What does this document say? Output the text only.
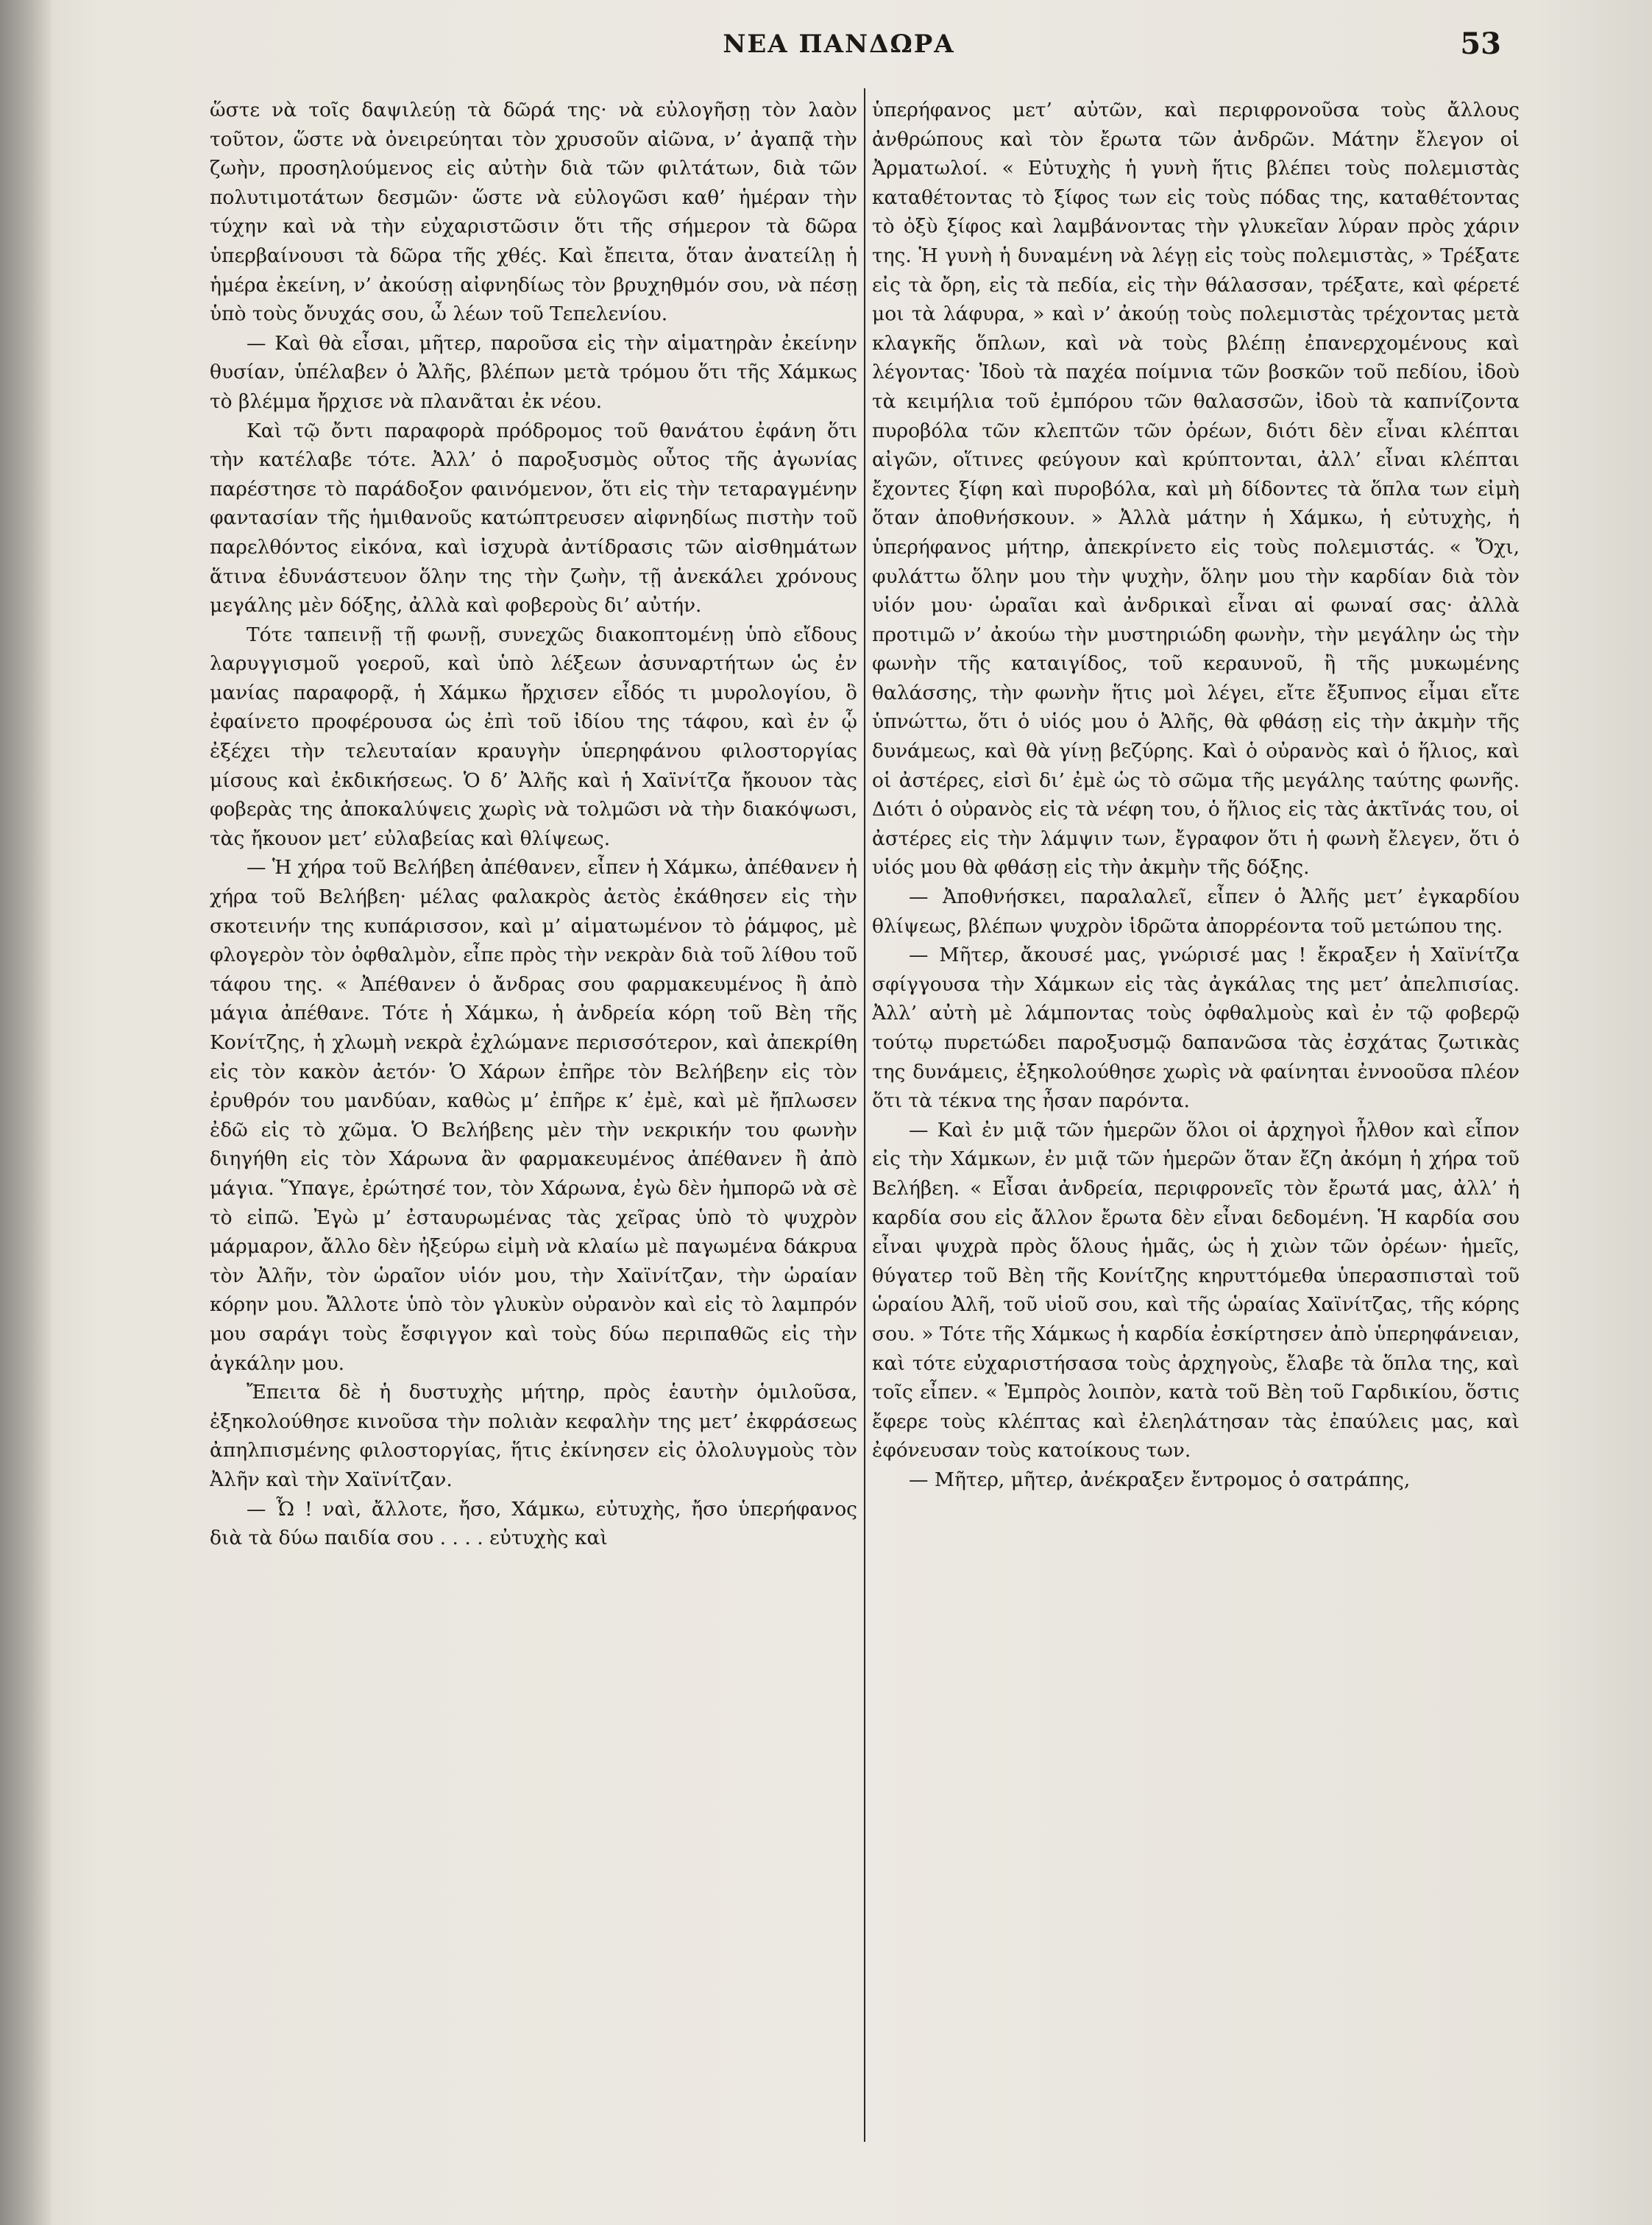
ΝΕΑ ΠΑΝΔΩΡΑ	53

ὥστε νὰ τοῖς δαψιλεύῃ τὰ δῶρά της· νὰ εὐλογῆσῃ τὸν λαὸν τοῦτον, ὥστε νὰ ὀνειρεύηται τὸν χρυσοῦν αἰῶνα, ν’ ἀγαπᾷ τὴν ζωὴν, προσηλούμενος εἰς αὐτὴν διὰ τῶν φιλτάτων, διὰ τῶν πολυτιμοτάτων δεσμῶν· ὥστε νὰ εὐλογῶσι καθ’ ἡμέραν τὴν τύχην καὶ νὰ τὴν εὐχαριστῶσιν ὅτι τῆς σήμερον τὰ δῶρα ὑπερβαίνουσι τὰ δῶρα τῆς χθές. Καὶ ἔπειτα, ὅταν ἀνατείλῃ ἡ ἡμέρα ἐκείνη, ν’ ἀκούσῃ αἰφνηδίως τὸν βρυχηθμόν σου, νὰ πέσῃ ὑπὸ τοὺς ὄνυχάς σου, ὦ λέων τοῦ Τεπελενίου.

— Καὶ θὰ εἶσαι, μῆτερ, παροῦσα εἰς τὴν αἱματηρὰν ἐκείνην θυσίαν, ὑπέλαβεν ὁ Ἀλῆς, βλέπων μετὰ τρόμου ὅτι τῆς Χάμκως τὸ βλέμμα ἤρχισε νὰ πλανᾶται ἐκ νέου.

Καὶ τῷ ὄντι παραφορὰ πρόδρομος τοῦ θανάτου ἐφάνη ὅτι τὴν κατέλαβε τότε. Ἀλλ’ ὁ παροξυσμὸς οὗτος τῆς ἀγωνίας παρέστησε τὸ παράδοξον φαινόμενον, ὅτι εἰς τὴν τεταραγμένην φαντασίαν τῆς ἡμιθανοῦς κατώπτρευσεν αἰφνηδίως πιστὴν τοῦ παρελθόντος εἰκόνα, καὶ ἰσχυρὰ ἀντίδρασις τῶν αἰσθημάτων ἅτινα ἐδυνάστευον ὅλην της τὴν ζωὴν, τῇ ἀνεκάλει χρόνους μεγάλης μὲν δόξης, ἀλλὰ καὶ φοβεροὺς δι’ αὐτήν.

Τότε ταπεινῇ τῇ φωνῇ, συνεχῶς διακοπτομένῃ ὑπὸ εἴδους λαρυγγισμοῦ γοεροῦ, καὶ ὑπὸ λέξεων ἀσυναρτήτων ὡς ἐν μανίας παραφορᾷ, ἡ Χάμκω ἤρχισεν εἶδός τι μυρολογίου, ὃ ἐφαίνετο προφέρουσα ὡς ἐπὶ τοῦ ἰδίου της τάφου, καὶ ἐν ᾧ ἐξέχει τὴν τελευταίαν κραυγὴν ὑπερηφάνου φιλοστοργίας μίσους καὶ ἐκδικήσεως. Ὁ δ’ Ἀλῆς καὶ ἡ Χαϊνίτζα ἤκουον τὰς φοβερὰς της ἀποκαλύψεις χωρὶς νὰ τολμῶσι νὰ τὴν διακόψωσι, τὰς ἤκουον μετ’ εὐλαβείας καὶ θλίψεως.

— Ἡ χήρα τοῦ Βελήβεη ἀπέθανεν, εἶπεν ἡ Χάμκω, ἀπέθανεν ἡ χήρα τοῦ Βελήβεη· μέλας φαλακρὸς ἀετὸς ἐκάθησεν εἰς τὴν σκοτεινήν της κυπάρισσον, καὶ μ’ αἱματωμένον τὸ ῥάμφος, μὲ φλογερὸν τὸν ὀφθαλμὸν, εἶπε πρὸς τὴν νεκρὰν διὰ τοῦ λίθου τοῦ τάφου της. « Ἀπέθανεν ὁ ἄνδρας σου φαρμακευμένος ἢ ἀπὸ μάγια ἀπέθανε. Τότε ἡ Χάμκω, ἡ ἀνδρεία κόρη τοῦ Βὲη τῆς Κονίτζης, ἡ χλωμὴ νεκρὰ ἐχλώμανε περισσότερον, καὶ ἀπεκρίθη εἰς τὸν κακὸν ἀετόν· Ὁ Χάρων ἐπῆρε τὸν Βελήβεην εἰς τὸν ἐρυθρόν του μανδύαν, καθὼς μ’ ἐπῆρε κ’ ἐμὲ, καὶ μὲ ἤπλωσεν ἐδῶ εἰς τὸ χῶμα. Ὁ Βελήβεης μὲν τὴν νεκρικήν του φωνὴν διηγήθη εἰς τὸν Χάρωνα ἂν φαρμακευμένος ἀπέθανεν ἢ ἀπὸ μάγια. Ὕπαγε, ἐρώτησέ τον, τὸν Χάρωνα, ἐγὼ δὲν ἠμπορῶ νὰ σὲ τὸ εἰπῶ. Ἐγὼ μ’ ἐσταυρωμένας τὰς χεῖρας ὑπὸ τὸ ψυχρὸν μάρμαρον, ἄλλο δὲν ἠξεύρω εἰμὴ νὰ κλαίω μὲ παγωμένα δάκρυα τὸν Ἀλῆν, τὸν ὡραῖον υἱόν μου, τὴν Χαϊνίτζαν, τὴν ὡραίαν κόρην μου. Ἄλλοτε ὑπὸ τὸν γλυκὺν οὐρανὸν καὶ εἰς τὸ λαμπρόν μου σαράγι τοὺς ἔσφιγγον καὶ τοὺς δύω περιπαθῶς εἰς τὴν ἀγκάλην μου.

Ἔπειτα δὲ ἡ δυστυχὴς μήτηρ, πρὸς ἑαυτὴν ὁμιλοῦσα, ἐξηκολούθησε κινοῦσα τὴν πολιὰν κεφαλὴν της μετ’ ἐκφράσεως ἀπηλπισμένης φιλοστοργίας, ἥτις ἐκίνησεν εἰς ὀλολυγμοὺς τὸν Ἀλῆν καὶ τὴν Χαϊνίτζαν.

— Ὦ ! ναὶ, ἄλλοτε, ἤσο, Χάμκω, εὐτυχὴς, ἤσο ὑπερήφανος διὰ τὰ δύω παιδία σου . . . . εὐτυχὴς καὶ

ὑπερήφανος μετ’ αὐτῶν, καὶ περιφρονοῦσα τοὺς ἄλλους ἀνθρώπους καὶ τὸν ἔρωτα τῶν ἀνδρῶν. Μάτην ἔλεγον οἱ Ἀρματωλοί. « Εὐτυχὴς ἡ γυνὴ ἥτις βλέπει τοὺς πολεμιστὰς καταθέτοντας τὸ ξίφος των εἰς τοὺς πόδας της, καταθέτοντας τὸ ὀξὺ ξίφος καὶ λαμβάνοντας τὴν γλυκεῖαν λύραν πρὸς χάριν της. Ἡ γυνὴ ἡ δυναμένη νὰ λέγῃ εἰς τοὺς πολεμιστὰς, » Τρέξατε εἰς τὰ ὄρη, εἰς τὰ πεδία, εἰς τὴν θάλασσαν, τρέξατε, καὶ φέρετέ μοι τὰ λάφυρα, » καὶ ν’ ἀκούῃ τοὺς πολεμιστὰς τρέχοντας μετὰ κλαγκῆς ὅπλων, καὶ νὰ τοὺς βλέπῃ ἐπανερχομένους καὶ λέγοντας· Ἰδοὺ τὰ παχέα ποίμνια τῶν βοσκῶν τοῦ πεδίου, ἰδοὺ τὰ κειμήλια τοῦ ἐμπόρου τῶν θαλασσῶν, ἰδοὺ τὰ καπνίζοντα πυροβόλα τῶν κλεπτῶν τῶν ὀρέων, διότι δὲν εἶναι κλέπται αἰγῶν, οἵτινες φεύγουν καὶ κρύπτονται, ἀλλ’ εἶναι κλέπται ἔχοντες ξίφη καὶ πυροβόλα, καὶ μὴ δίδοντες τὰ ὅπλα των εἰμὴ ὅταν ἀποθνήσκουν. » Ἀλλὰ μάτην ἡ Χάμκω, ἡ εὐτυχὴς, ἡ ὑπερήφανος μήτηρ, ἀπεκρίνετο εἰς τοὺς πολεμιστάς. « Ὄχι, φυλάττω ὅλην μου τὴν ψυχὴν, ὅλην μου τὴν καρδίαν διὰ τὸν υἱόν μου· ὡραῖαι καὶ ἀνδρικαὶ εἶναι αἱ φωναί σας· ἀλλὰ προτιμῶ ν’ ἀκούω τὴν μυστηριώδη φωνὴν, τὴν μεγάλην ὡς τὴν φωνὴν τῆς καταιγίδος, τοῦ κεραυνοῦ, ἢ τῆς μυκωμένης θαλάσσης, τὴν φωνὴν ἥτις μοὶ λέγει, εἴτε ἔξυπνος εἶμαι εἴτε ὑπνώττω, ὅτι ὁ υἱός μου ὁ Ἀλῆς, θὰ φθάσῃ εἰς τὴν ἀκμὴν τῆς δυνάμεως, καὶ θὰ γίνῃ βεζύρης. Καὶ ὁ οὐρανὸς καὶ ὁ ἥλιος, καὶ οἱ ἀστέρες, εἰσὶ δι’ ἐμὲ ὡς τὸ σῶμα τῆς μεγάλης ταύτης φωνῆς. Διότι ὁ οὐρανὸς εἰς τὰ νέφη του, ὁ ἥλιος εἰς τὰς ἀκτῖνάς του, οἱ ἀστέρες εἰς τὴν λάμψιν των, ἔγραφον ὅτι ἡ φωνὴ ἔλεγεν, ὅτι ὁ υἱός μου θὰ φθάσῃ εἰς τὴν ἀκμὴν τῆς δόξης.

— Ἀποθνήσκει, παραλαλεῖ, εἶπεν ὁ Ἀλῆς μετ’ ἐγκαρδίου θλίψεως, βλέπων ψυχρὸν ἱδρῶτα ἀπορρέοντα τοῦ μετώπου της.

— Μῆτερ, ἄκουσέ μας, γνώρισέ μας ! ἔκραξεν ἡ Χαϊνίτζα σφίγγουσα τὴν Χάμκων εἰς τὰς ἀγκάλας της μετ’ ἀπελπισίας. Ἀλλ’ αὐτὴ μὲ λάμποντας τοὺς ὀφθαλμοὺς καὶ ἐν τῷ φοβερῷ τούτῳ πυρετώδει παροξυσμῷ δαπανῶσα τὰς ἐσχάτας ζωτικὰς της δυνάμεις, ἐξηκολούθησε χωρὶς νὰ φαίνηται ἐννοοῦσα πλέον ὅτι τὰ τέκνα της ἦσαν παρόντα.

— Καὶ ἐν μιᾷ τῶν ἡμερῶν ὅλοι οἱ ἀρχηγοὶ ἦλθον καὶ εἶπον εἰς τὴν Χάμκων, ἐν μιᾷ τῶν ἡμερῶν ὅταν ἔζη ἀκόμη ἡ χήρα τοῦ Βελήβεη. « Εἶσαι ἀνδρεία, περιφρονεῖς τὸν ἔρωτά μας, ἀλλ’ ἡ καρδία σου εἰς ἄλλον ἔρωτα δὲν εἶναι δεδομένη. Ἡ καρδία σου εἶναι ψυχρὰ πρὸς ὅλους ἡμᾶς, ὡς ἡ χιὼν τῶν ὀρέων· ἡμεῖς, θύγατερ τοῦ Βὲη τῆς Κονίτζης κηρυττόμεθα ὑπερασπισταὶ τοῦ ὡραίου Ἀλῆ, τοῦ υἱοῦ σου, καὶ τῆς ὡραίας Χαϊνίτζας, τῆς κόρης σου. » Τότε τῆς Χάμκως ἡ καρδία ἐσκίρτησεν ἀπὸ ὑπερηφάνειαν, καὶ τότε εὐχαριστήσασα τοὺς ἀρχηγοὺς, ἔλαβε τὰ ὅπλα της, καὶ τοῖς εἶπεν. « Ἐμπρὸς λοιπὸν, κατὰ τοῦ Βὲη τοῦ Γαρδικίου, ὅστις ἔφερε τοὺς κλέπτας καὶ ἐλεηλάτησαν τὰς ἐπαύλεις μας, καὶ ἐφόνευσαν τοὺς κατοίκους των.

— Μῆτερ, μῆτερ, ἀνέκραξεν ἔντρομος ὁ σατράπης,
